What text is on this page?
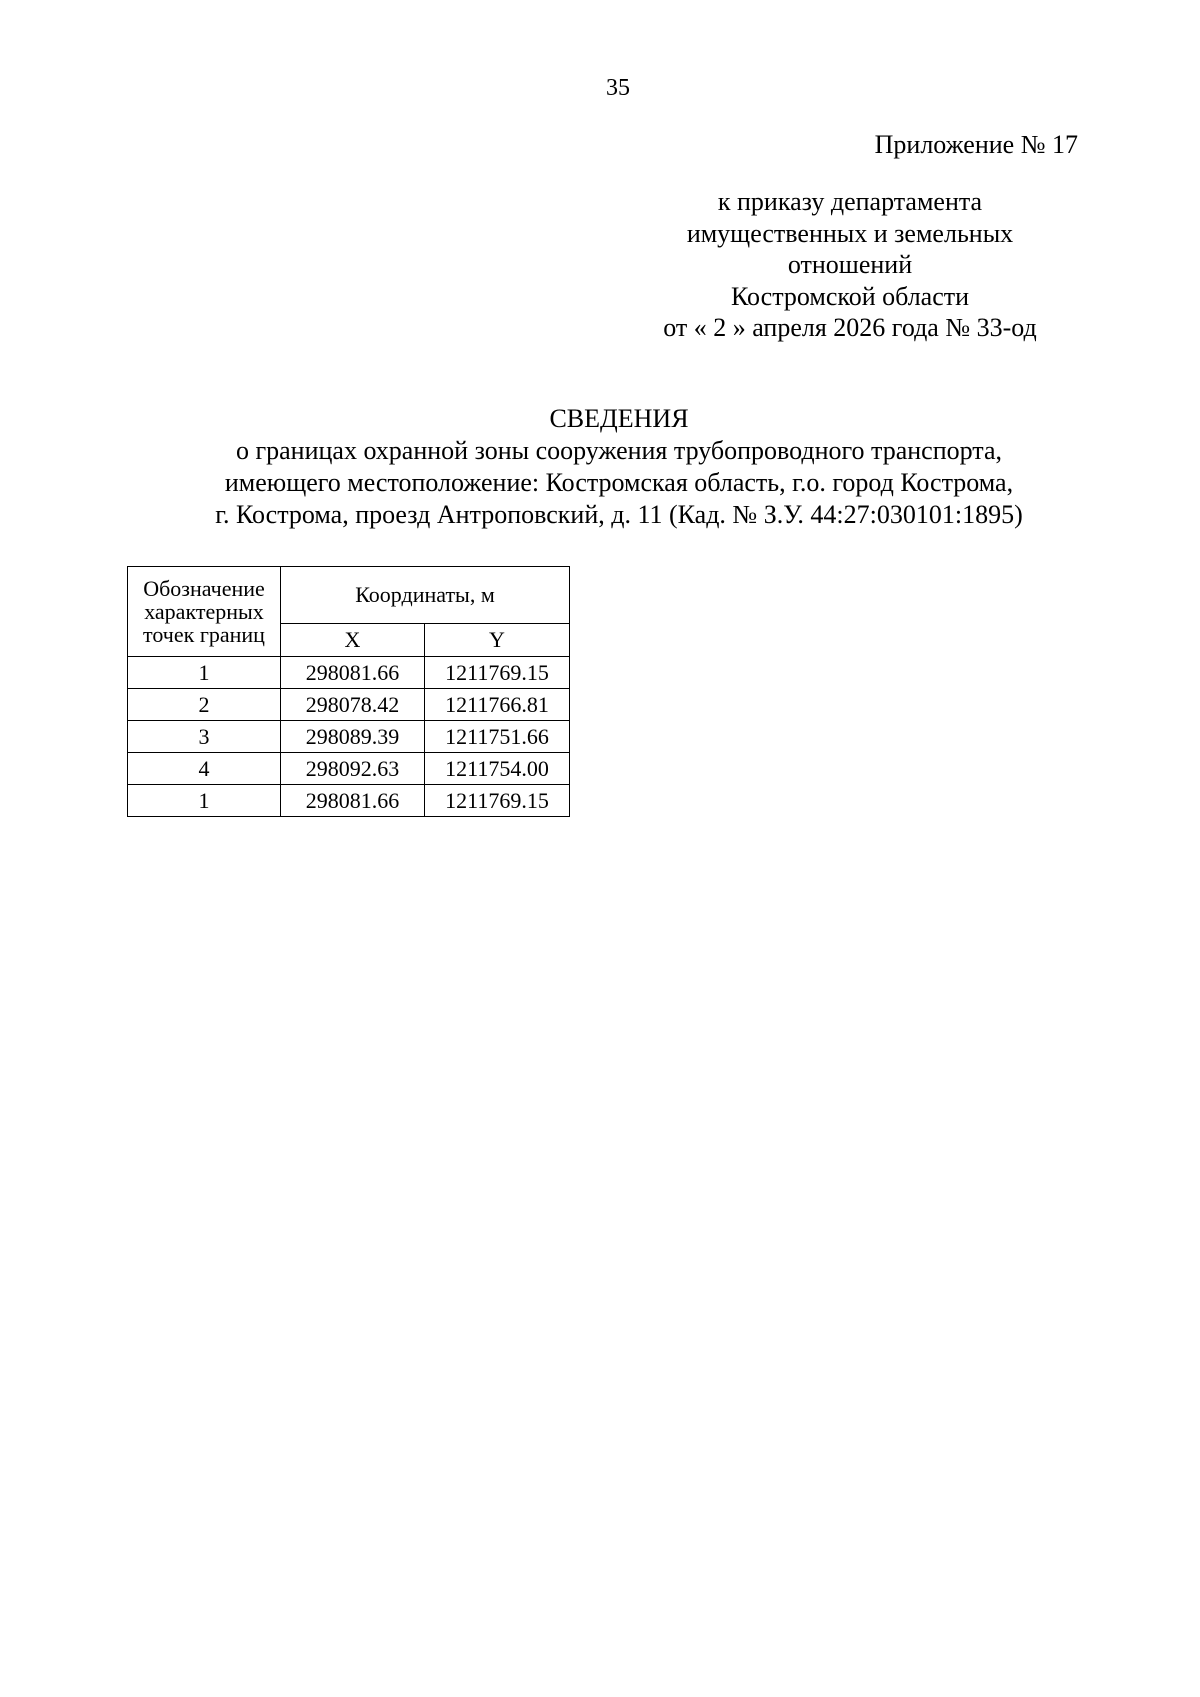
35
Приложение № 17
к приказу департамента
имущественных и земельных
отношений
Костромской области
от « 2 » апреля 2026 года № 33-од
СВЕДЕНИЯ
о границах охранной зоны сооружения трубопроводного транспорта,
имеющего местоположение: Костромская область, г.о. город Кострома,
г. Кострома, проезд Антроповский, д. 11 (Кад. № З.У. 44:27:030101:1895)
Обозначение
характерных
точек границ	Координаты, м	
	X	Y
1	298081.66	1211769.15
2	298078.42	1211766.81
3	298089.39	1211751.66
4	298092.63	1211754.00
1	298081.66	1211769.15
